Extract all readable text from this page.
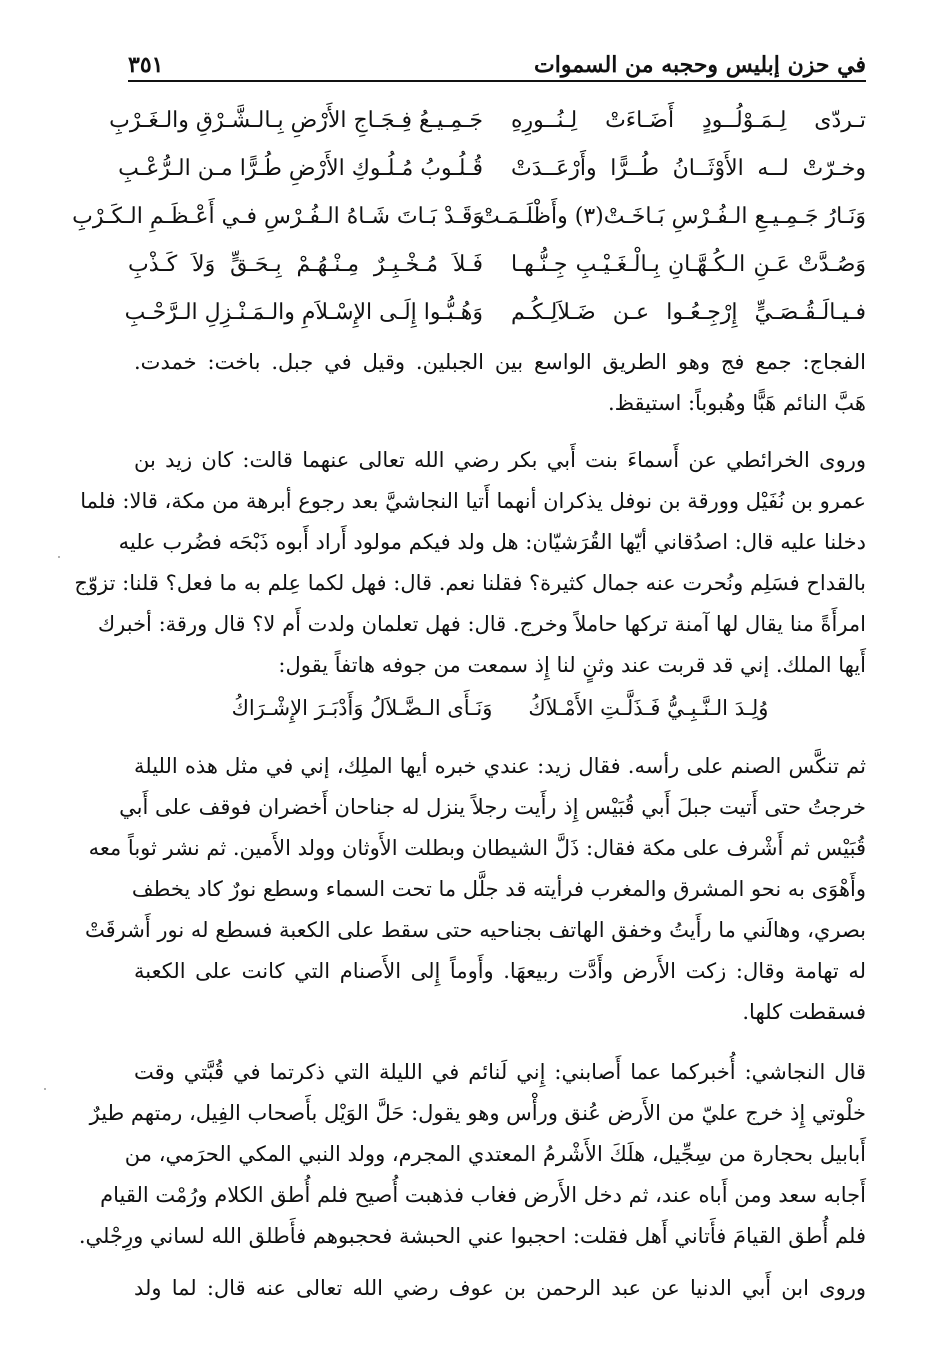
في حزن إبليس وحجبه من السموات
٣٥١
تـردّى لِـمَـوْلُــودٍ أَضَـاءَتْ لِـنُــورِهِ
جَـمِـيـعُ فِـجَـاجِ الأَرْضِ بِـالـشَّـرْقِ والـغَـرْبِ
وخـرّتْ لــه الأَوْثَــانُ طُــرًّا وأَرْعَــدَتْ
قُـلُـوبُ مُـلُـوكِ الأَرْضِ طُـرًّا مـن الـرُّعْـبِ
وَنَـارُ جَـمِـيـعِ الـفُـرْسِ بَـاخَـتْ(٣) وأَظْلَـمَـتْ
وَقَـدْ بَـاتَ شَـاهُ الـفُـرْسِ فـي أَعْـظَـمِ الـكَـرْبِ
وَصُـدَّتْ عَـنِ الـكُـهَّـانِ بِـالْـغَـيْـبِ جِـنُّـهـا
فَـلاَ مُـخْـبِـرٌ مِـنْـهُـمْ بِـحَـقٍّ وَلاَ كَـذْبِ
فـيـالَـقُـصَـيٍّ إِرْجِـعُـوا عـن ضَـلاَلِـكُـم
وَهُـبُّـوا إِلَـى الإِسْـلاَمِ والـمَـنْـزِلِ الـرَّحْـبِ
الفجاج: جمع فج وهو الطريق الواسع بين الجبلين. وقيل في جبل. باخت: خمدت.
هَبَّ النائم هَبًّا وهُبوباً: استيقظ.
وروى الخرائطي عن أَسماءَ بنت أَبي بكر رضي الله تعالى عنهما قالت: كان زيد بن
عمرو بن نُفَيْل وورقة بن نوفل يذكران أنهما أَتيا النجاشيَّ بعد رجوع أبرهة من مكة، قالا: فلما
دخلنا عليه قال: اصدُقاني أيّها القُرَشيّان: هل ولد فيكم مولود أَراد أَبوه ذَبْحَه فضُرب عليه
بالقداح فسَلِم ونُحرت عنه جمال كثيرة؟ فقلنا نعم. قال: فهل لكما عِلم به ما فعل؟ قلنا: تزوّج
امرأَةً منا يقال لها آمنة تركها حاملاً وخرج. قال: فهل تعلمان ولدت أَم لا؟ قال ورقة: أخبرك
أَيها الملك. إني قد قربت عند وثنٍ لنا إِذ سمعت من جوفه هاتفاً يقول:
وُلِـدَ الـنَّـبِـيُّ فَـذَلَّـتِ الأَمْـلاَكُ
وَنَـأَى الـضَّـلاَلُ وَأَدْبَـرَ الإِشْـرَاكُ
ثم تنكَّس الصنم على رأسه. فقال زيد: عندي خبره أيها الملِك، إني في مثل هذه الليلة
خرجتُ حتى أَتيت جبلَ أَبي قُبَيْس إِذ رأَيت رجلاً ينزل له جناحان أَخضران فوقف على أَبي
قُبَيْس ثم أَشْرف على مكة فقال: ذَلَّ الشيطان وبطلت الأَوثان وولد الأَمين. ثم نشر ثوباً معه
وأَهْوَى به نحو المشرق والمغرب فرأيته قد جلَّل ما تحت السماء وسطع نورٌ كاد يخطف
بصري، وهالَني ما رأَيتُ وخفق الهاتف بجناحيه حتى سقط على الكعبة فسطع له نور أَشرقَتْ
له تهامة وقال: زكت الأَرض وأَدَّت ربيعهَا. وأَوماً إِلى الأَصنام التي كانت على الكعبة
فسقطت كلها.
قال النجاشي: أُخبركما عما أَصابني: إِني لَنائم في الليلة التي ذكرتما في قُبَّتي وقت
خلْوتي إِذ خرج عليّ من الأَرض عُنق ورأْس وهو يقول: حَلَّ الوَيْل بأَصحاب الفِيل، رمتهم طيرٌ
أَبابيل بحجارة من سِجِّيل، هلَكَ الأَشْرمُ المعتدي المجرم، وولد النبي المكي الحرَمي، من
أَجابه سعد ومن أَباه عند، ثم دخل الأَرض فغاب فذهبت أُصيح فلم أُطق الكلام ورُمْت القيام
فلم أُطق القيامَ فأَتاني أَهل فقلت: احجبوا عني الحبشة فحجبوهم فأَطلق الله لساني ورِجْلي.
وروى ابن أَبي الدنيا عن عبد الرحمن بن عوف رضي الله تعالى عنه قال: لما ولد
